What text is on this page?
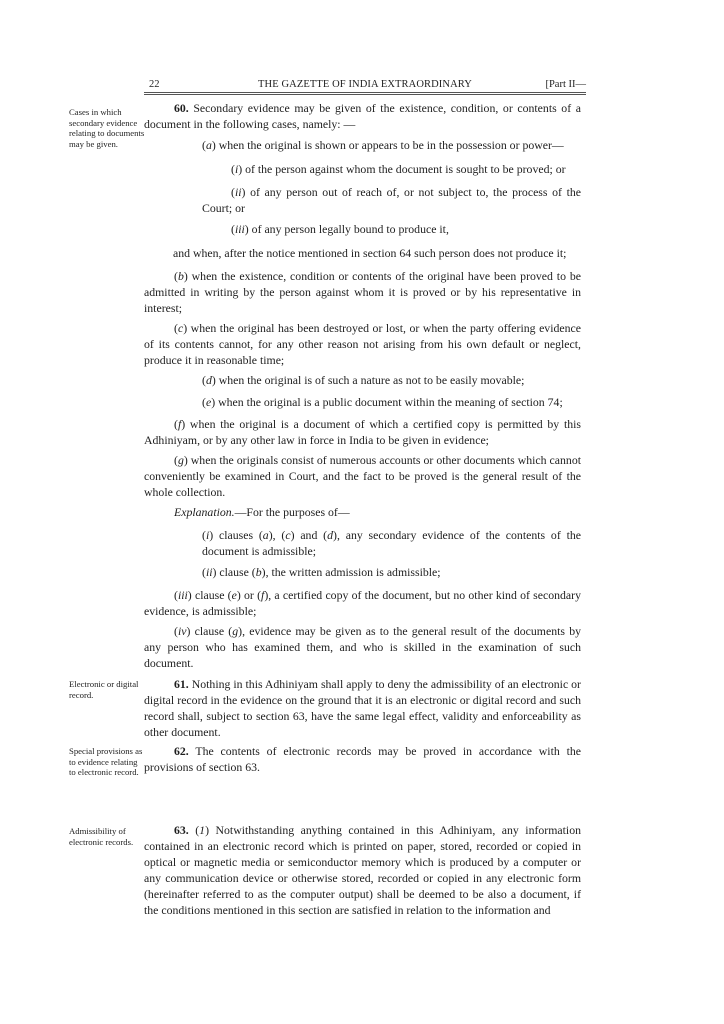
22	THE GAZETTE OF INDIA EXTRAORDINARY	[Part II—
Cases in which secondary evidence relating to documents may be given.
Electronic or digital record.
Special provisions as to evidence relating to electronic record.
Admissibility of electronic records.

60. Secondary evidence may be given of the existence, condition, or contents of a document in the following cases, namely: —

(a) when the original is shown or appears to be in the possession or power—

(i) of the person against whom the document is sought to be proved; or

(ii) of any person out of reach of, or not subject to, the process of the Court; or

(iii) of any person legally bound to produce it,

and when, after the notice mentioned in section 64 such person does not produce it;

(b) when the existence, condition or contents of the original have been proved to be admitted in writing by the person against whom it is proved or by his representative in interest;

(c) when the original has been destroyed or lost, or when the party offering evidence of its contents cannot, for any other reason not arising from his own default or neglect, produce it in reasonable time;

(d) when the original is of such a nature as not to be easily movable;

(e) when the original is a public document within the meaning of section 74;

(f) when the original is a document of which a certified copy is permitted by this Adhiniyam, or by any other law in force in India to be given in evidence;

(g) when the originals consist of numerous accounts or other documents which cannot conveniently be examined in Court, and the fact to be proved is the general result of the whole collection.

Explanation.—For the purposes of—

(i) clauses (a), (c) and (d), any secondary evidence of the contents of the document is admissible;

(ii) clause (b), the written admission is admissible;

(iii) clause (e) or (f), a certified copy of the document, but no other kind of secondary evidence, is admissible;

(iv) clause (g), evidence may be given as to the general result of the documents by any person who has examined them, and who is skilled in the examination of such document.

61. Nothing in this Adhiniyam shall apply to deny the admissibility of an electronic or digital record in the evidence on the ground that it is an electronic or digital record and such record shall, subject to section 63, have the same legal effect, validity and enforceability as other document.

62. The contents of electronic records may be proved in accordance with the provisions of section 63.

63. (1) Notwithstanding anything contained in this Adhiniyam, any information contained in an electronic record which is printed on paper, stored, recorded or copied in optical or magnetic media or semiconductor memory which is produced by a computer or any communication device or otherwise stored, recorded or copied in any electronic form (hereinafter referred to as the computer output) shall be deemed to be also a document, if the conditions mentioned in this section are satisfied in relation to the information and
